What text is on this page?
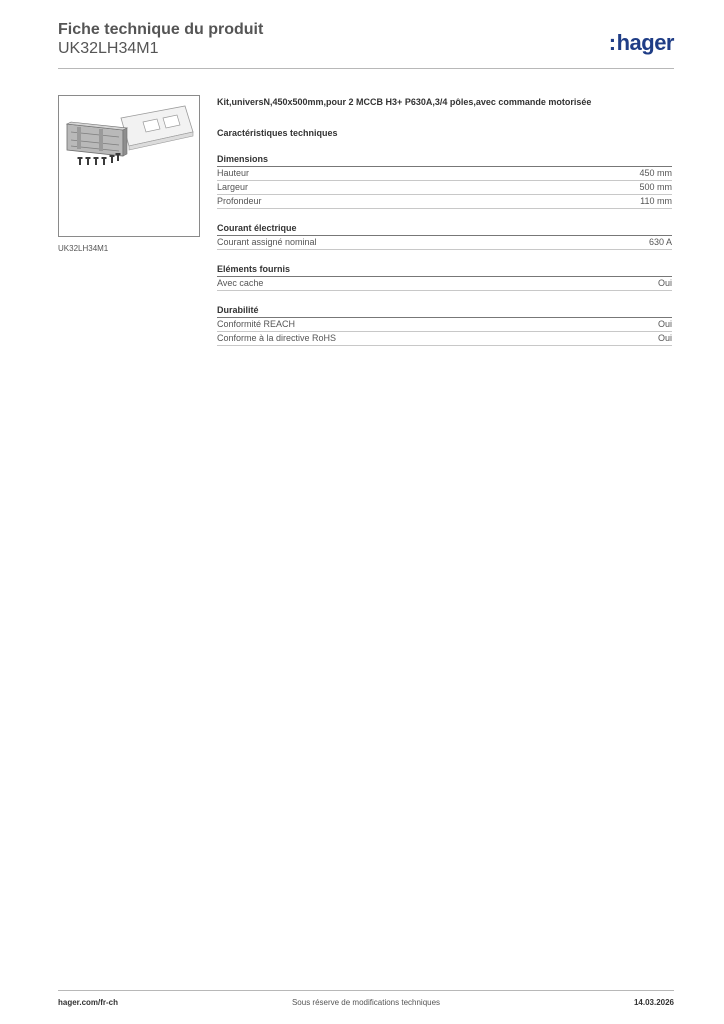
Fiche technique du produit
UK32LH34M1	:hager
UK32LH34M1
Kit,universN,450x500mm,pour 2 MCCB H3+ P630A,3/4 pôles,avec commande motorisée
Caractéristiques techniques
Dimensions
Hauteur	450 mm
Largeur	500 mm
Profondeur	110 mm
Courant électrique
Courant assigné nominal	630 A
Eléments fournis
Avec cache	Oui
Durabilité
Conformité REACH	Oui
Conforme à la directive RoHS	Oui
hager.com/fr-ch	Sous réserve de modifications techniques	14.03.2026
